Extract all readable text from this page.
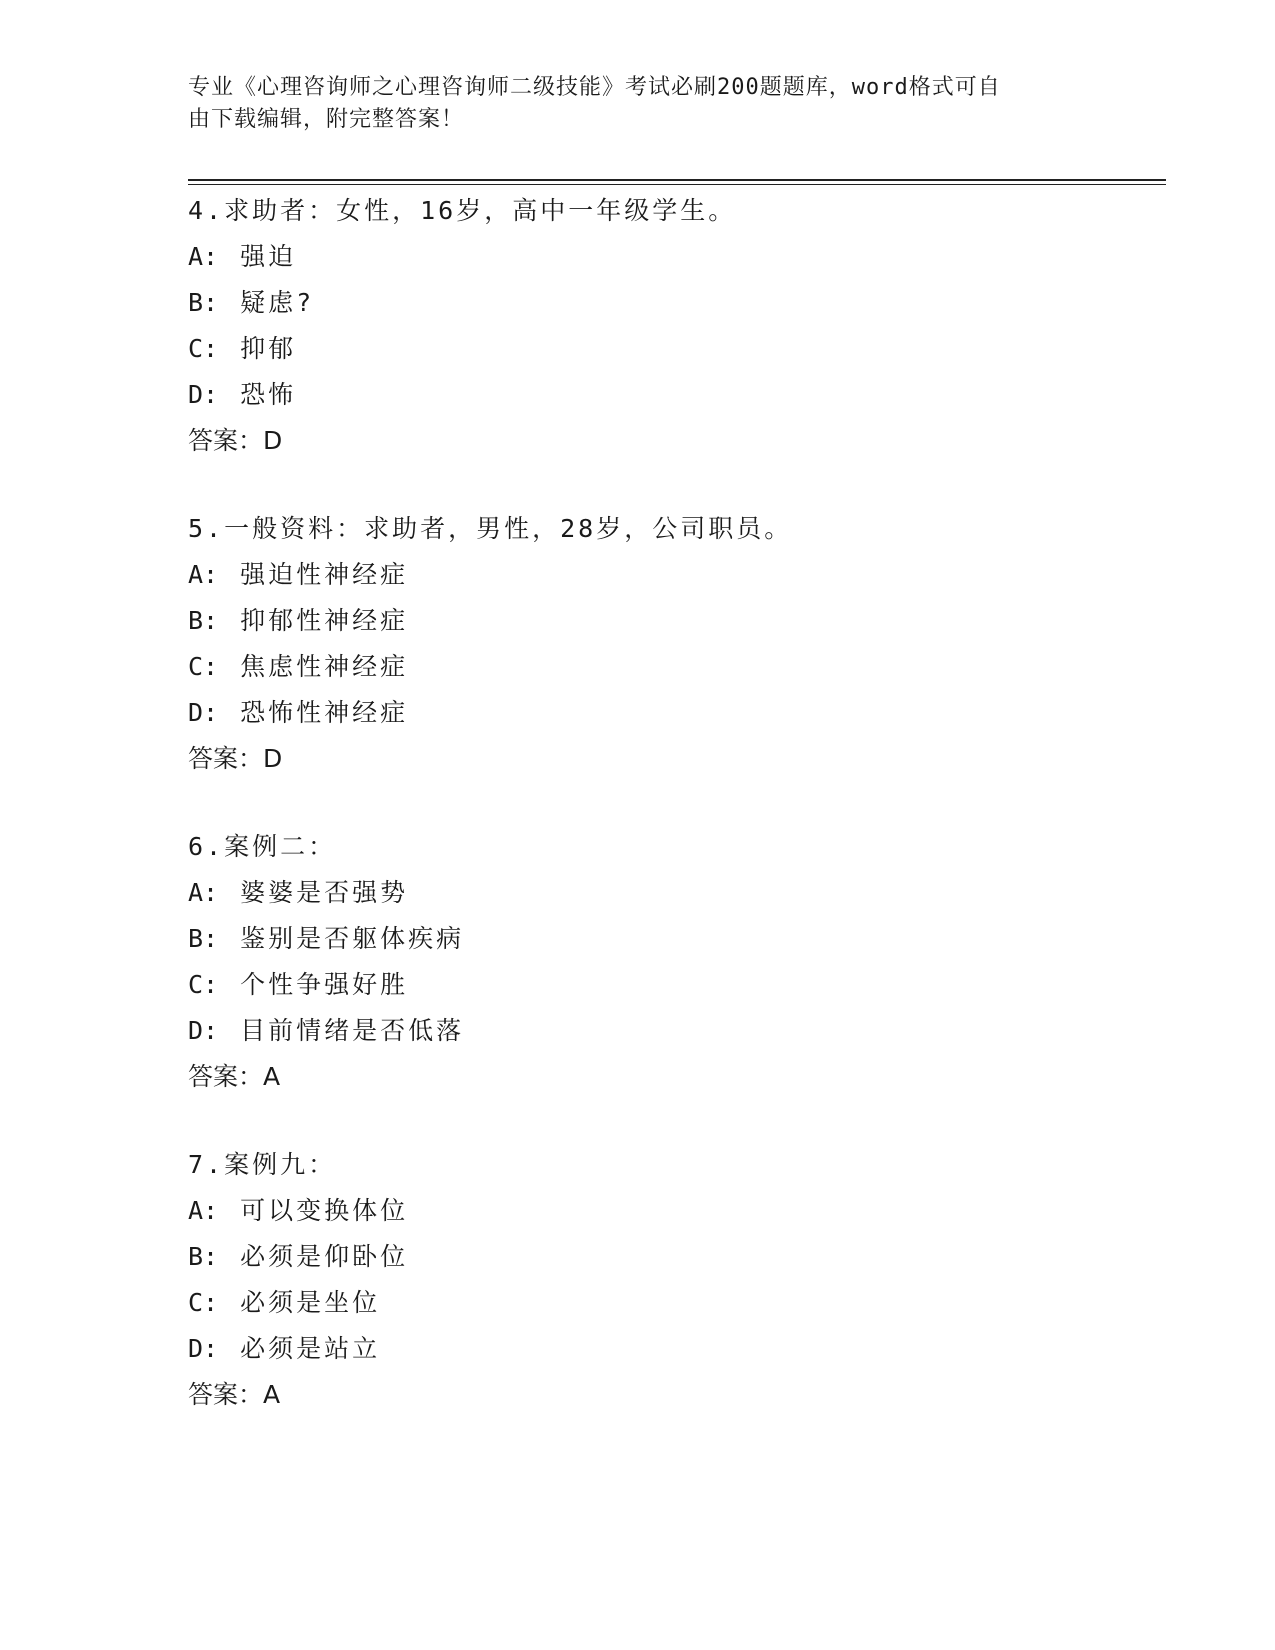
专业《心理咨询师之心理咨询师二级技能》考试必刷200题题库，word格式可自
由下载编辑，附完整答案！
4.求助者：女性，16岁，高中一年级学生。
A: 强迫
B: 疑虑?
C: 抑郁
D: 恐怖
答案：D
5.一般资料：求助者，男性，28岁，公司职员。
A: 强迫性神经症
B: 抑郁性神经症
C: 焦虑性神经症
D: 恐怖性神经症
答案：D
6.案例二：
A: 婆婆是否强势
B: 鉴别是否躯体疾病
C: 个性争强好胜
D: 目前情绪是否低落
答案：A
7.案例九：
A: 可以变换体位
B: 必须是仰卧位
C: 必须是坐位
D: 必须是站立
答案：A
